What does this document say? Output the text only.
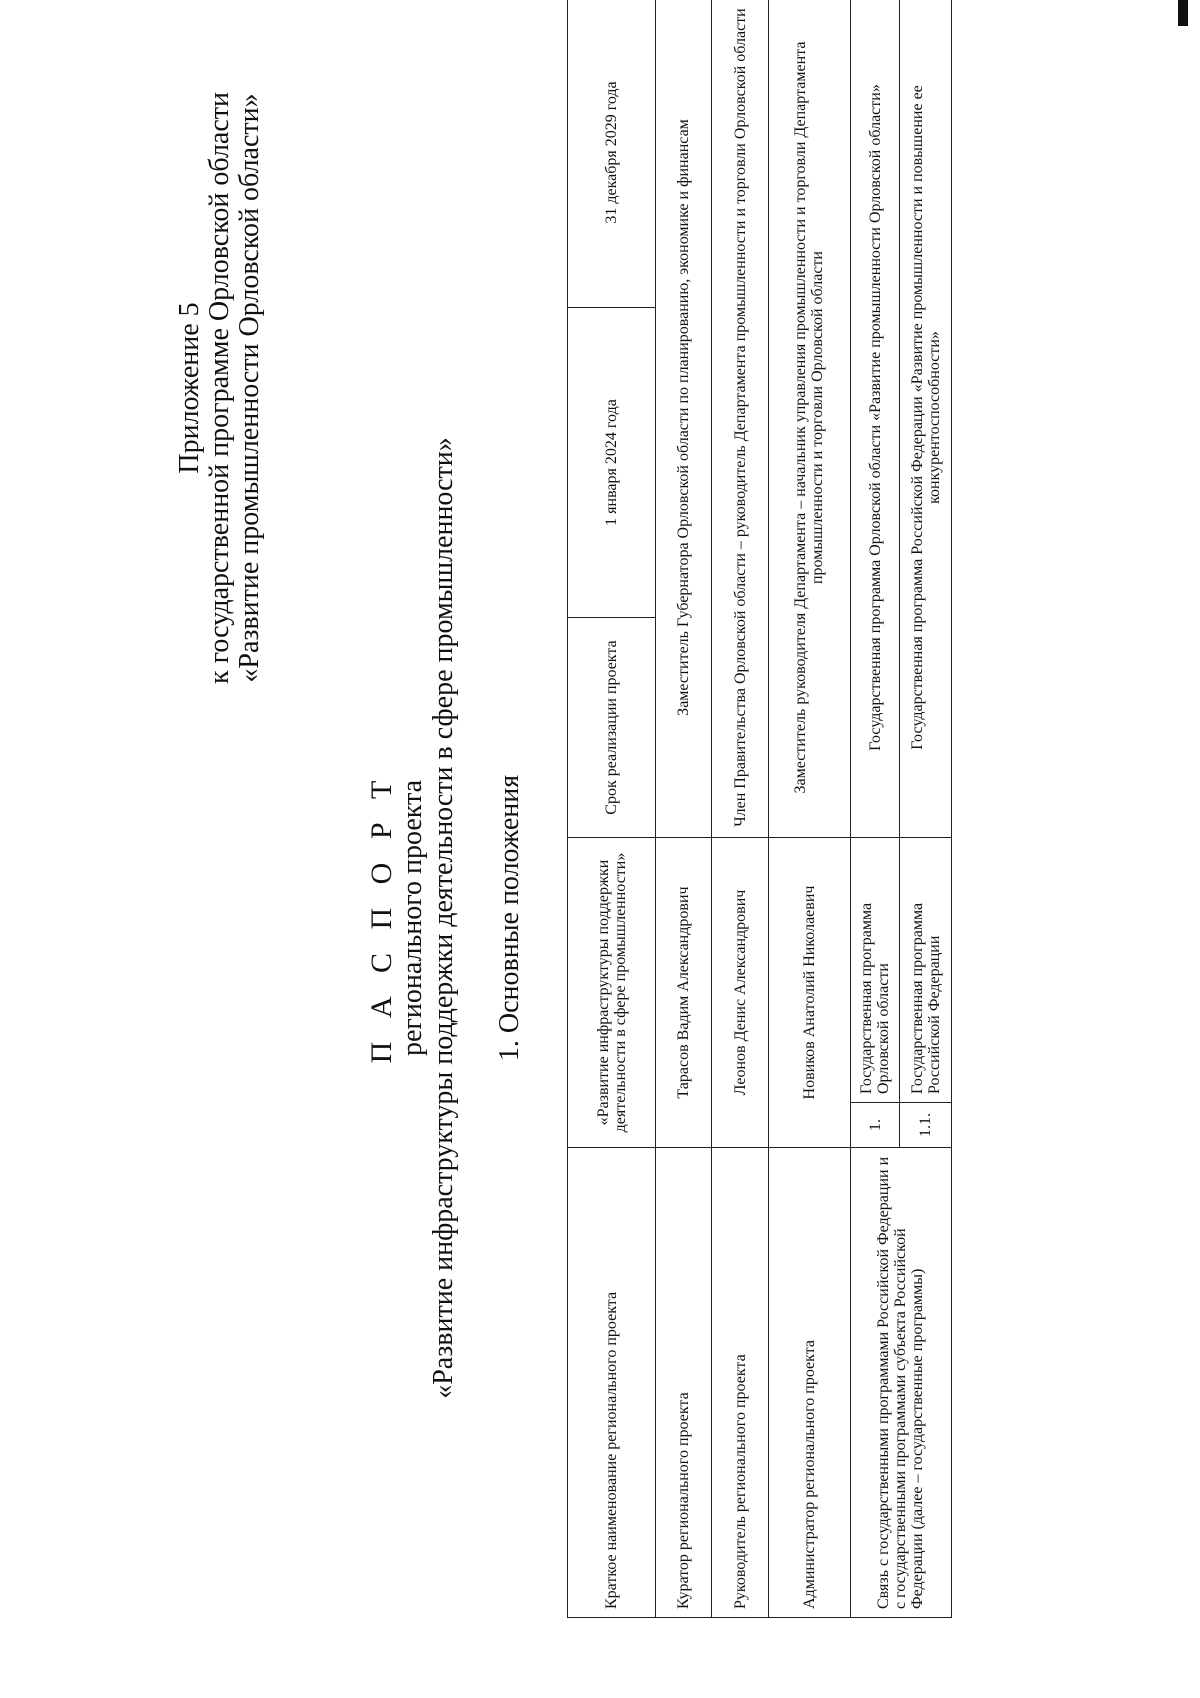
Приложение 5 к государственной программе Орловской области «Развитие промышленности Орловской области»
П А С П О Р Т регионального проекта «Развитие инфраструктуры поддержки деятельности в сфере промышленности» 1. Основные положения
Краткое наименование регионального проекта	«Развитие инфраструктуры поддержки деятельности в сфере промышленности»		Срок реализации проекта	1 января 2024 года	31 декабря 2029 года
Куратор регионального проекта	Тарасов Вадим Александрович		Заместитель Губернатора Орловской области по планированию, экономике и финансам		
Руководитель регионального проекта	Леонов Денис Александрович		Член Правительства Орловской области – руководитель Департамента промышленности и торговли Орловской области		
Администратор регионального проекта	Новиков Анатолий Николаевич		Заместитель руководителя Департамента – начальник управления промышленности и торговли Департамента промышленности и торговли Орловской области		
Связь с государственными программами Российской Федерации и с государственными программами субъекта Российской Федерации (далее – государственные программы)	1.	Государственная программа Орловской области	Государственная программа Орловской области «Развитие промышленности Орловской области»		
	1.1.	Государственная программа Российской Федерации	Государственная программа Российской Федерации «Развитие промышленности и повышение ее конкурентоспособности»		
